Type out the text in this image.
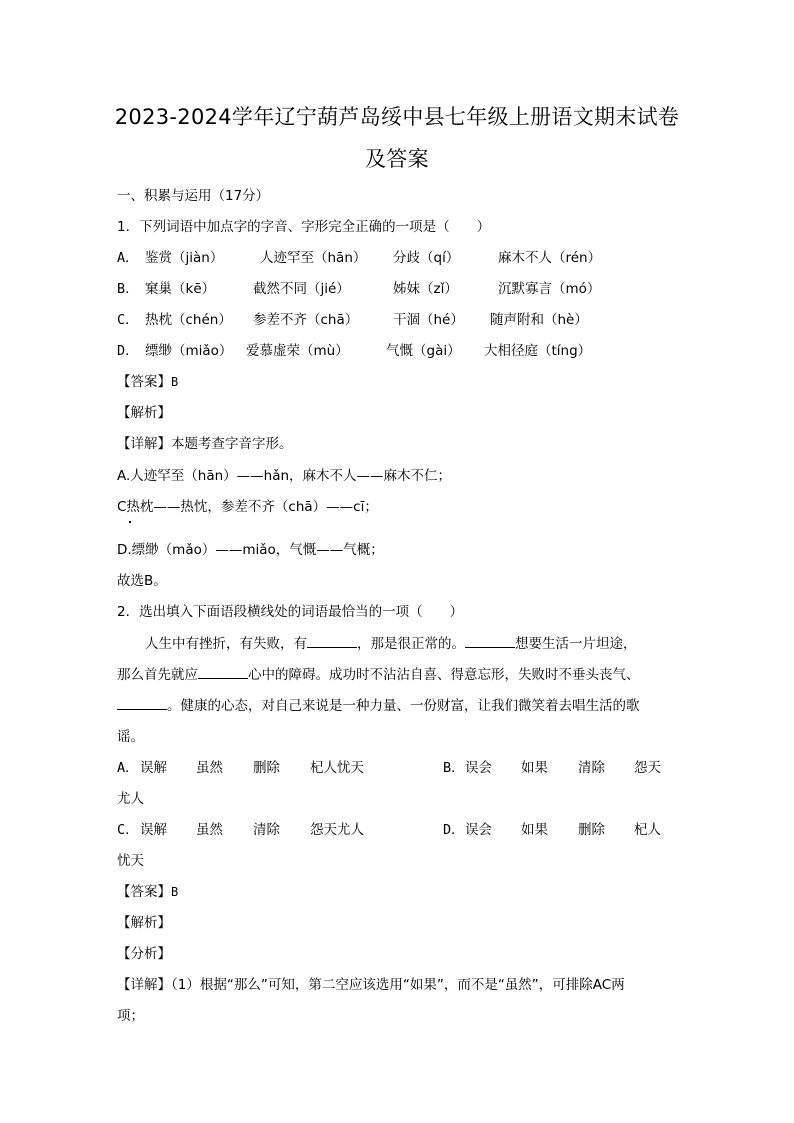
2023-2024学年辽宁葫芦岛绥中县七年级上册语文期末试卷
及答案
一、积累与运用（17分）
1．下列词语中加点字的字音、字形完全正确的一项是（　　）
A． 鉴赏（jiàn）	人迹罕至（hān） 分歧（qí）	麻木不人（rén）
B． 窠巢（kē）	截然不同（jié）	姊妹（zǐ）	沉默寡言（mó）
C． 热枕（chén） 参差不齐（chā）	干涸（hé） 随声附和（hè）
D． 缥缈（miǎo） 爱慕虚荣（mù）	气慨（gài） 大相径庭（tíng）
【答案】B
【解析】
【详解】本题考查字音字形。
A.人迹罕至（hān）——hǎn，麻木不人——麻木不仁；
C热枕——热忱，参差不齐（chā）——cī；
D.缥缈（mǎo）——miǎo，气慨——气概；
故选B。
2．选出填入下面语段横线处的词语最恰当的一项（　　）
人生中有挫折，有失败，有	，那是很正常的。	想要生活一片坦途，
那么首先就应	心中的障碍。成功时不沾沾自喜、得意忘形，失败时不垂头丧气、
。健康的心态，对自己来说是一种力量、一份财富，让我们微笑着去唱生活的歌
谣。
A． 误解 虽然 删除 杞人忧天	B． 误会 如果 清除 怨天
尤人
C． 误解 虽然 清除 怨天尤人	D． 误会 如果 删除 杞人
忧天
【答案】B
【解析】
【分析】
【详解】（1）根据“那么”可知，第二空应该选用“如果”，而不是“虽然”，可排除AC两
项；
